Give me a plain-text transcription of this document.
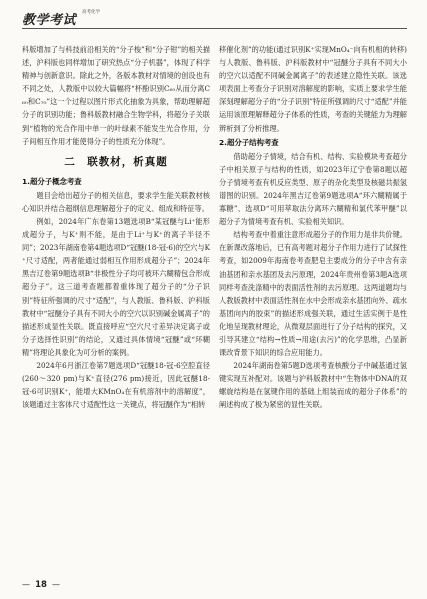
教学考试
高考化学

科版增加了与科技前沿相关的“分子梭”和“分子钳”的相关描述，沪科版也同样增加了研究热点“分子机器”，体现了科学精神与创新意识。除此之外，各版本教材对情境的创设也有不同之处，人教版中以较大篇幅将“杯酚识别C₆₀从而分离C₆₀和C₇₀”这一个过程以图片形式化抽象为具象，帮助理解超分子的识别功能；鲁科版教材融合生物学科，将超分子关联到“植物的光合作用中单一的叶绿素不能发生光合作用，分子间相互作用才能使得分子的性质充分体现”。

二　联教材，析真题
1.超分子概念考查

题目会给出超分子的相关信息，要求学生能关联教材核心知识并结合超纲信息理解超分子的定义、组成和特征等。

例如，2024年广东卷第13题选项B“某冠醚与Li⁺能形成超分子，与K⁺则不能，是由于Li⁺与K⁺的离子半径不同”；2023年湖南卷第4题选项D“冠醚(18-冠-6)的空穴与K⁺尺寸适配，两者能通过弱相互作用形成超分子”；2024年黑吉辽卷第9题选项B“非极性分子均可被环六糊精包合形成超分子”。这三道考查题都着重体现了超分子的“分子识别”特征所强调的尺寸“适配”，与人教版、鲁科版、沪科版教材中“冠醚分子具有不同大小的空穴以识别碱金属离子”的描述形成显性关联。既直接呼应“空穴尺寸差异决定离子或分子选择性识别”的结论，又通过具体情境“冠醚”或“环糊精”将理论具象化为可分析的案例。

2024年6月浙江卷第7题选项D“冠醚18-冠-6空腔直径(260～320 pm)与K⁺直径(276 pm)接近，因此冠醚18-冠-6可识别K⁺，能增大KMnO₄在有机溶剂中的溶解度”，该题通过主客体尺寸适配性这一关键点，将冠醚作为“相转

移催化剂”的功能(通过识别K⁺实现MnO₄⁻向有机相的转移)与人教版、鲁科版、沪科版教材中“冠醚分子具有不同大小的空穴以适配不同碱金属离子”的表述建立隐性关联。该选项表面上考查分子识别对溶解度的影响，实质上要求学生能深刻理解超分子的“分子识别”特征所强调的尺寸“适配”并能运用该原理解释超分子体系的性质，考查的关键能力为理解辨析到了分析推理。

2.超分子结构考查

借助超分子情境，结合有机、结构、实验模块考查超分子中相关原子与结构的性质，如2023年辽宁卷第8题以超分子情境考查有机反应类型、原子的杂化类型及核磁共振氢谱图的识别。2024年黑吉辽卷第9题选项A“环六糊精属于寡糖”、选项D“可用萃取法分离环六糊精和氯代苯甲醚”以超分子为情境考查有机、实验相关知识。

结构考查中着重注意形成超分子的作用力是非共价键。在新课改落地后，已有高考题对超分子作用力进行了试探性考查，如2009年海南卷考查肥皂主要成分的分子中含有亲油基团和亲水基团及去污原理，2024年贵州卷第3题A选项同样考查洗涤精中的表面活性剂的去污原理。这两道题均与人教版教材中表面活性剂在水中会形成亲水基团向外、疏水基团向内的胶束”的描述形成强关联，通过生活实例于是性化地呈现教材理论，从微观层面进行了分子结构的探究，又引导其建立“结构→性质→用途(去污)”的化学思维，凸显新课改背景下知识的综合应用能力。

2024年湖南卷第5题D选项考查核酸分子中碱基通过氢键实现互补配对。该题与沪科版教材中“生物体中DNA的双螺旋结构是在氢键作用的基础上组装而成的超分子体系”的阐述构成了极为紧密的显性关联。

— 18 —
